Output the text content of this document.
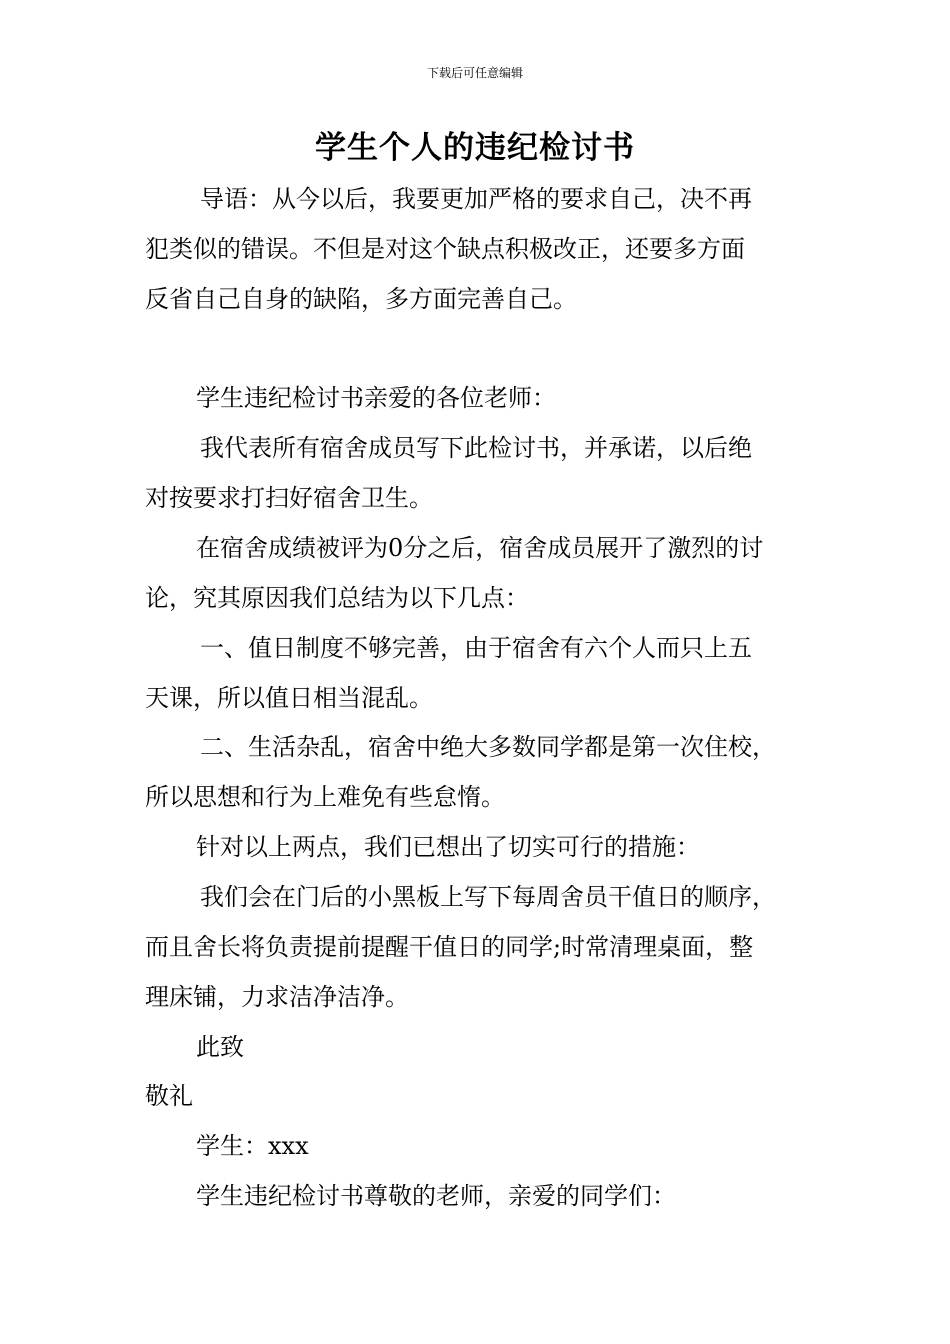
下载后可任意编辑
学生个人的违纪检讨书
导语：从今以后，我要更加严格的要求自己，决不再
犯类似的错误。不但是对这个缺点积极改正，还要多方面
反省自己自身的缺陷，多方面完善自己。
学生违纪检讨书亲爱的各位老师：
我代表所有宿舍成员写下此检讨书，并承诺，以后绝
对按要求打扫好宿舍卫生。
在宿舍成绩被评为0分之后，宿舍成员展开了激烈的讨
论，究其原因我们总结为以下几点：
一、值日制度不够完善，由于宿舍有六个人而只上五
天课，所以值日相当混乱。
二、生活杂乱，宿舍中绝大多数同学都是第一次住校，
所以思想和行为上难免有些怠惰。
针对以上两点，我们已想出了切实可行的措施：
我们会在门后的小黑板上写下每周舍员干值日的顺序，
而且舍长将负责提前提醒干值日的同学;时常清理桌面，整
理床铺，力求洁净洁净。
此致
敬礼
学生：xxx
学生违纪检讨书尊敬的老师，亲爱的同学们：
